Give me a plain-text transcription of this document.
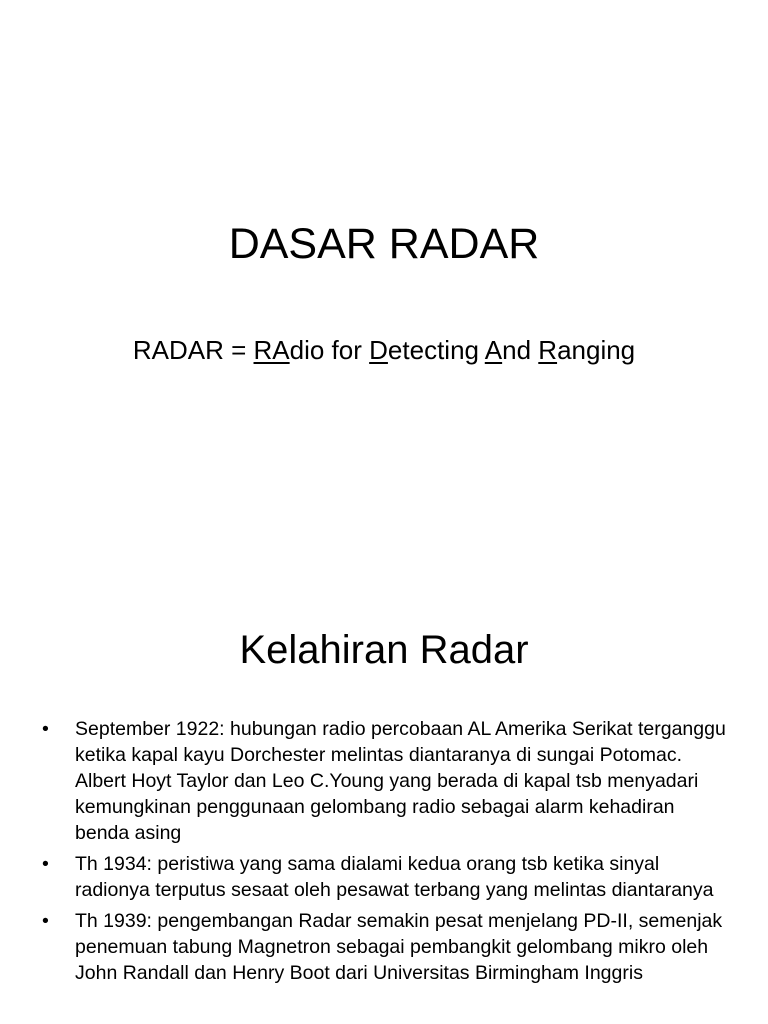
DASAR RADAR

RADAR = RAdio for Detecting And Ranging

Kelahiran Radar
• September 1922: hubungan radio percobaan AL Amerika Serikat terganggu ketika kapal kayu Dorchester melintas diantaranya di sungai Potomac. Albert Hoyt Taylor dan Leo C.Young yang berada di kapal tsb menyadari kemungkinan penggunaan gelombang radio sebagai alarm kehadiran benda asing
• Th 1934: peristiwa yang sama dialami kedua orang tsb ketika sinyal radionya terputus sesaat oleh pesawat terbang yang melintas diantaranya
• Th 1939: pengembangan Radar semakin pesat menjelang PD-II, semenjak penemuan tabung Magnetron sebagai pembangkit gelombang mikro oleh John Randall dan Henry Boot dari Universitas Birmingham Inggris
